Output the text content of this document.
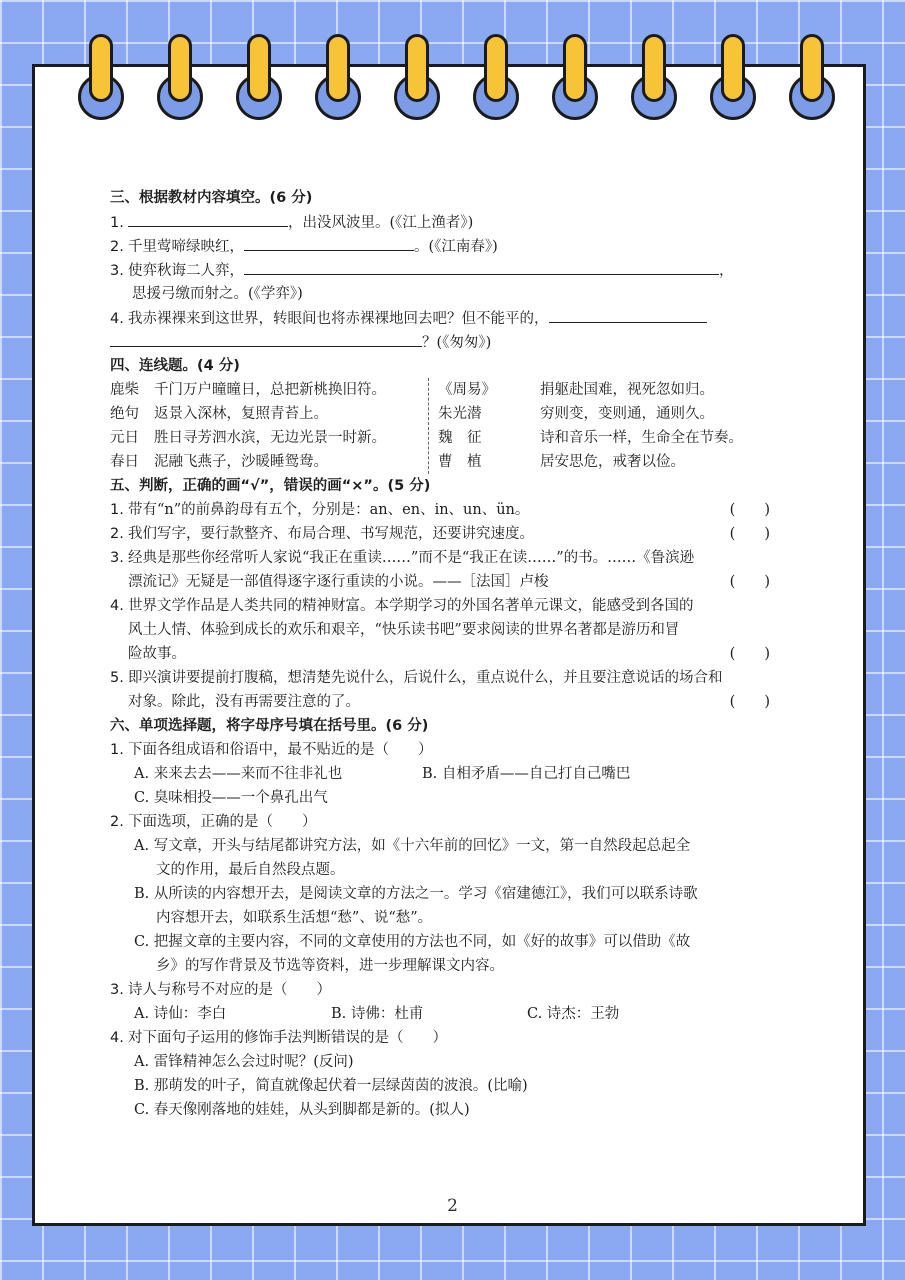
三、根据教材内容填空。(6 分)
1.	，出没风波里。(《江上渔者》)
2. 千里莺啼绿映红，	。(《江南春》)
3. 使弈秋诲二人弈，	，
思援弓缴而射之。(《学弈》)
4. 我赤裸裸来到这世界，转眼间也将赤裸裸地回去吧？但不能平的，
？(《匆匆》)
四、连线题。(4 分)
鹿柴 千门万户曈曈日，总把新桃换旧符。	《周易》	捐躯赴国难，视死忽如归。
绝句 返景入深林，复照青苔上。	朱光潜	穷则变，变则通，通则久。
元日 胜日寻芳泗水滨，无边光景一时新。	魏　征	诗和音乐一样，生命全在节奏。
春日 泥融飞燕子，沙暖睡鸳鸯。	曹　植	居安思危，戒奢以俭。
五、判断，正确的画“√”，错误的画“×”。(5 分)
1. 带有“n”的前鼻韵母有五个，分别是：an、en、in、un、ün。	(　　)
2. 我们写字，要行款整齐、布局合理、书写规范，还要讲究速度。	(　　)
3. 经典是那些你经常听人家说“我正在重读……”而不是“我正在读……”的书。……《鲁滨逊
漂流记》无疑是一部值得逐字逐行重读的小说。——［法国］卢梭	(　　)
4. 世界文学作品是人类共同的精神财富。本学期学习的外国名著单元课文，能感受到各国的
风土人情、体验到成长的欢乐和艰辛，“快乐读书吧”要求阅读的世界名著都是游历和冒
险故事。	(　　)
5. 即兴演讲要提前打腹稿，想清楚先说什么，后说什么，重点说什么，并且要注意说话的场合和
对象。除此，没有再需要注意的了。	(　　)
六、单项选择题，将字母序号填在括号里。(6 分)
1. 下面各组成语和俗语中，最不贴近的是（　　）
A. 来来去去——来而不往非礼也	B. 自相矛盾——自己打自己嘴巴
C. 臭味相投——一个鼻孔出气
2. 下面选项，正确的是（　　）
A. 写文章，开头与结尾都讲究方法，如《十六年前的回忆》一文，第一自然段起总起全
文的作用，最后自然段点题。
B. 从所读的内容想开去，是阅读文章的方法之一。学习《宿建德江》，我们可以联系诗歌
内容想开去，如联系生活想“愁”、说“愁”。
C. 把握文章的主要内容，不同的文章使用的方法也不同，如《好的故事》可以借助《故
乡》的写作背景及节选等资料，进一步理解课文内容。
3. 诗人与称号不对应的是（　　）
A. 诗仙：李白	B. 诗佛：杜甫	C. 诗杰：王勃
4. 对下面句子运用的修饰手法判断错误的是（　　）
A. 雷锋精神怎么会过时呢？(反问)
B. 那萌发的叶子，简直就像起伏着一层绿茵茵的波浪。(比喻)
C. 春天像刚落地的娃娃，从头到脚都是新的。(拟人)
2
